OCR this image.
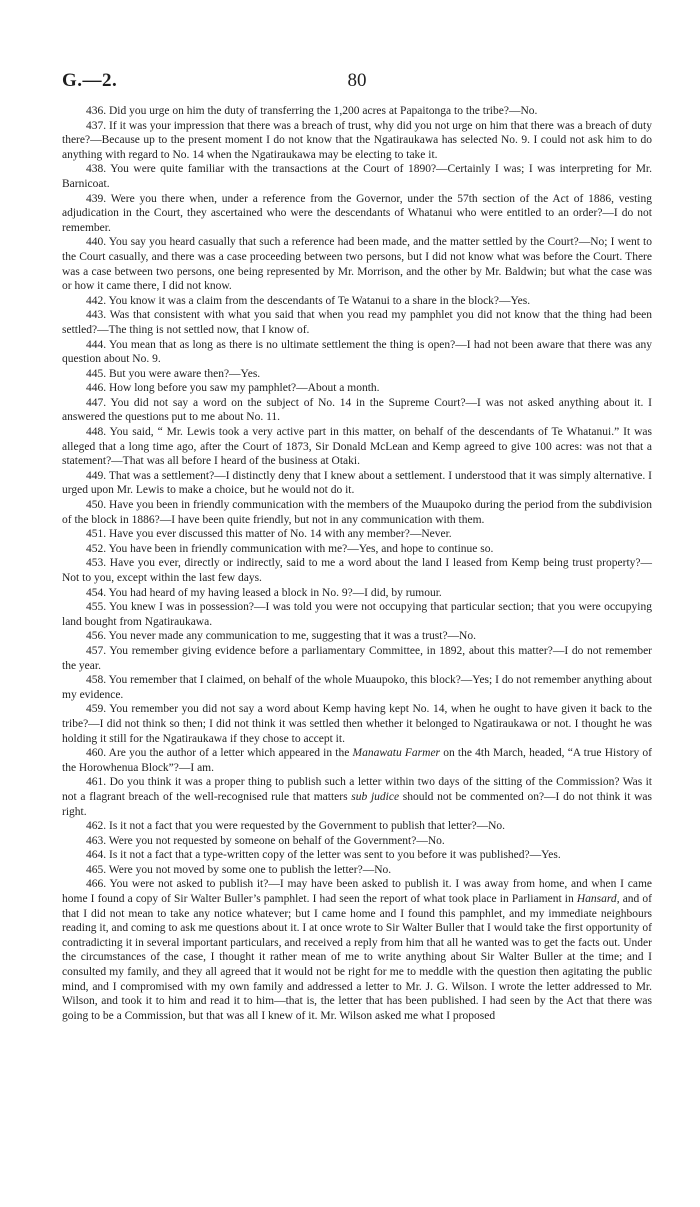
G.—2.	80

436. Did you urge on him the duty of transferring the 1,200 acres at Papaitonga to the tribe?—No.

437. If it was your impression that there was a breach of trust, why did you not urge on him that there was a breach of duty there?—Because up to the present moment I do not know that the Ngatiraukawa has selected No. 9. I could not ask him to do anything with regard to No. 14 when the Ngatiraukawa may be electing to take it.

438. You were quite familiar with the transactions at the Court of 1890?—Certainly I was; I was interpreting for Mr. Barnicoat.

439. Were you there when, under a reference from the Governor, under the 57th section of the Act of 1886, vesting adjudication in the Court, they ascertained who were the descendants of Whatanui who were entitled to an order?—I do not remember.

440. You say you heard casually that such a reference had been made, and the matter settled by the Court?—No; I went to the Court casually, and there was a case proceeding between two persons, but I did not know what was before the Court. There was a case between two persons, one being represented by Mr. Morrison, and the other by Mr. Baldwin; but what the case was or how it came there, I did not know.

442. You know it was a claim from the descendants of Te Watanui to a share in the block?—Yes.

443. Was that consistent with what you said that when you read my pamphlet you did not know that the thing had been settled?—The thing is not settled now, that I know of.

444. You mean that as long as there is no ultimate settlement the thing is open?—I had not been aware that there was any question about No. 9.

445. But you were aware then?—Yes.

446. How long before you saw my pamphlet?—About a month.

447. You did not say a word on the subject of No. 14 in the Supreme Court?—I was not asked anything about it. I answered the questions put to me about No. 11.

448. You said, “ Mr. Lewis took a very active part in this matter, on behalf of the descendants of Te Whatanui.” It was alleged that a long time ago, after the Court of 1873, Sir Donald McLean and Kemp agreed to give 100 acres: was not that a statement?—That was all before I heard of the business at Otaki.

449. That was a settlement?—I distinctly deny that I knew about a settlement. I understood that it was simply alternative. I urged upon Mr. Lewis to make a choice, but he would not do it.

450. Have you been in friendly communication with the members of the Muaupoko during the period from the subdivision of the block in 1886?—I have been quite friendly, but not in any communication with them.

451. Have you ever discussed this matter of No. 14 with any member?—Never.

452. You have been in friendly communication with me?—Yes, and hope to continue so.

453. Have you ever, directly or indirectly, said to me a word about the land I leased from Kemp being trust property?—Not to you, except within the last few days.

454. You had heard of my having leased a block in No. 9?—I did, by rumour.

455. You knew I was in possession?—I was told you were not occupying that particular section; that you were occupying land bought from Ngatiraukawa.

456. You never made any communication to me, suggesting that it was a trust?—No.

457. You remember giving evidence before a parliamentary Committee, in 1892, about this matter?—I do not remember the year.

458. You remember that I claimed, on behalf of the whole Muaupoko, this block?—Yes; I do not remember anything about my evidence.

459. You remember you did not say a word about Kemp having kept No. 14, when he ought to have given it back to the tribe?—I did not think so then; I did not think it was settled then whether it belonged to Ngatiraukawa or not. I thought he was holding it still for the Ngatiraukawa if they chose to accept it.

460. Are you the author of a letter which appeared in the Manawatu Farmer on the 4th March, headed, “A true History of the Horowhenua Block”?—I am.

461. Do you think it was a proper thing to publish such a letter within two days of the sitting of the Commission? Was it not a flagrant breach of the well-recognised rule that matters sub judice should not be commented on?—I do not think it was right.

462. Is it not a fact that you were requested by the Government to publish that letter?—No.

463. Were you not requested by someone on behalf of the Government?—No.

464. Is it not a fact that a type-written copy of the letter was sent to you before it was published?—Yes.

465. Were you not moved by some one to publish the letter?—No.

466. You were not asked to publish it?—I may have been asked to publish it. I was away from home, and when I came home I found a copy of Sir Walter Buller’s pamphlet. I had seen the report of what took place in Parliament in Hansard, and of that I did not mean to take any notice whatever; but I came home and I found this pamphlet, and my immediate neighbours reading it, and coming to ask me questions about it. I at once wrote to Sir Walter Buller that I would take the first opportunity of contradicting it in several important particulars, and received a reply from him that all he wanted was to get the facts out. Under the circumstances of the case, I thought it rather mean of me to write anything about Sir Walter Buller at the time; and I consulted my family, and they all agreed that it would not be right for me to meddle with the question then agitating the public mind, and I compromised with my own family and addressed a letter to Mr. J. G. Wilson. I wrote the letter addressed to Mr. Wilson, and took it to him and read it to him—that is, the letter that has been published. I had seen by the Act that there was going to be a Commission, but that was all I knew of it. Mr. Wilson asked me what I proposed
